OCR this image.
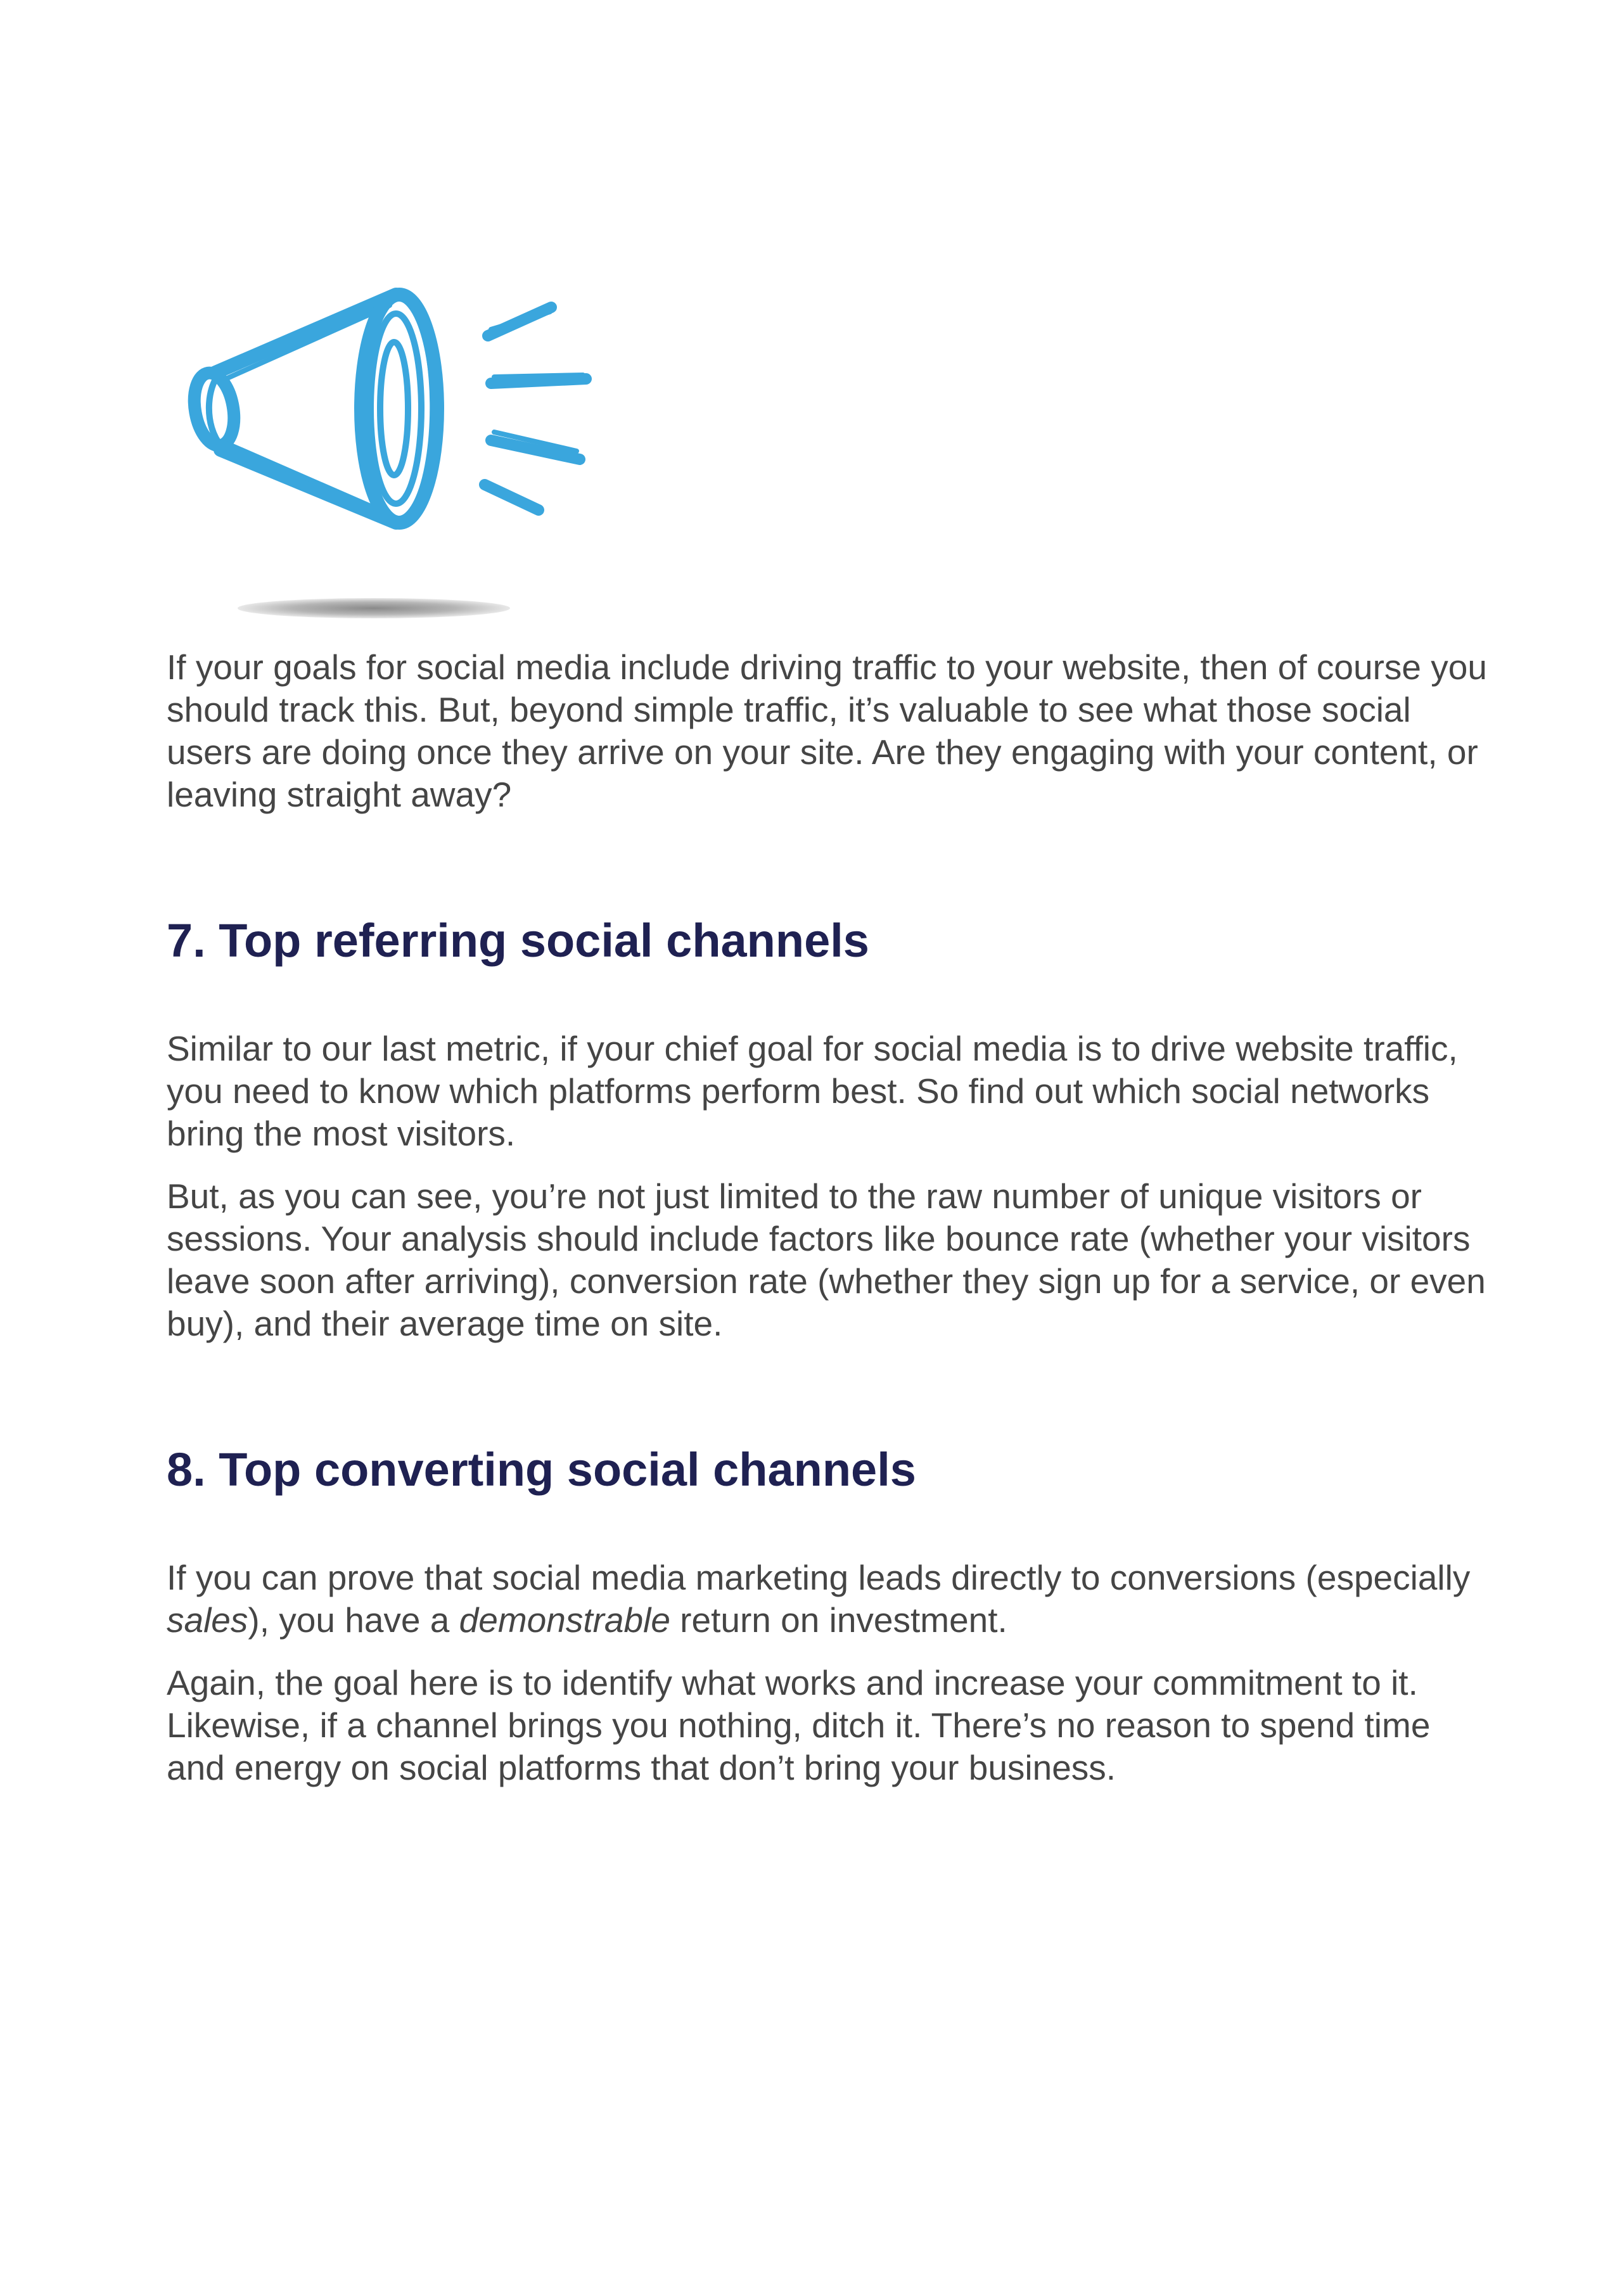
If your goals for social media include driving traffic to your website, then of course you should track this. But, beyond simple traffic, it’s valuable to see what those social users are doing once they arrive on your site. Are they engaging with your content, or leaving straight away?

7. Top referring social channels

Similar to our last metric, if your chief goal for social media is to drive website traffic, you need to know which platforms perform best. So find out which social networks bring the most visitors.

But, as you can see, you’re not just limited to the raw number of unique visitors or sessions. Your analysis should include factors like bounce rate (whether your visitors leave soon after arriving), conversion rate (whether they sign up for a service, or even buy), and their average time on site.

8. Top converting social channels

If you can prove that social media marketing leads directly to conversions (especially sales), you have a demonstrable return on investment.

Again, the goal here is to identify what works and increase your commitment to it. Likewise, if a channel brings you nothing, ditch it. There’s no reason to spend time and energy on social platforms that don’t bring your business.
